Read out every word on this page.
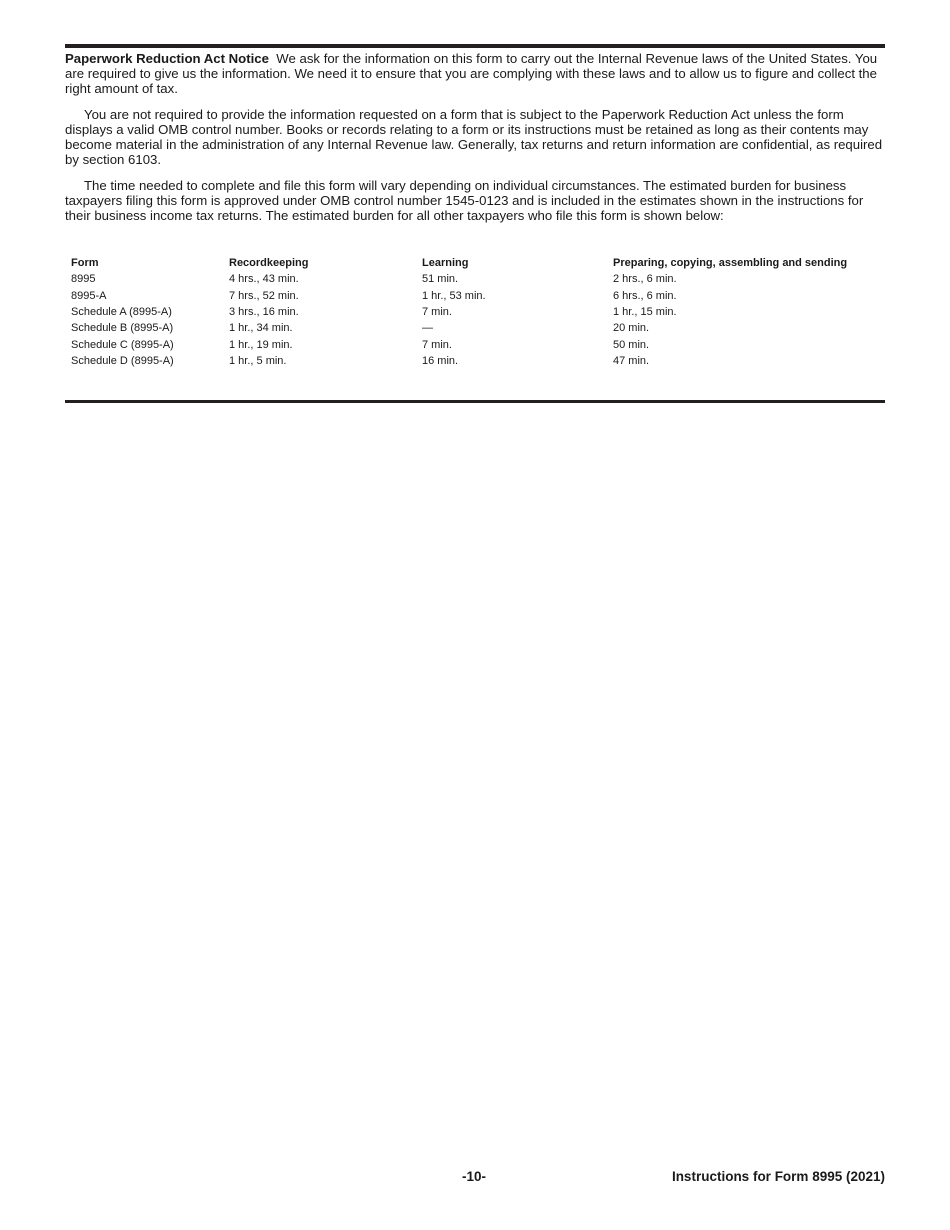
Paperwork Reduction Act Notice We ask for the information on this form to carry out the Internal Revenue laws of the United States. You are required to give us the information. We need it to ensure that you are complying with these laws and to allow us to figure and collect the right amount of tax.

You are not required to provide the information requested on a form that is subject to the Paperwork Reduction Act unless the form displays a valid OMB control number. Books or records relating to a form or its instructions must be retained as long as their contents may become material in the administration of any Internal Revenue law. Generally, tax returns and return information are confidential, as required by section 6103.

The time needed to complete and file this form will vary depending on individual circumstances. The estimated burden for business taxpayers filing this form is approved under OMB control number 1545-0123 and is included in the estimates shown in the instructions for their business income tax returns. The estimated burden for all other taxpayers who file this form is shown below:

Form	Recordkeeping	Learning	Preparing, copying, assembling and sending
8995	4 hrs., 43 min.	51 min.	2 hrs., 6 min.
8995-A	7 hrs., 52 min.	1 hr., 53 min.	6 hrs., 6 min.
Schedule A (8995-A)	3 hrs., 16 min.	7 min.	1 hr., 15 min.
Schedule B (8995-A)	1 hr., 34 min.	—	20 min.
Schedule C (8995-A)	1 hr., 19 min.	7 min.	50 min.
Schedule D (8995-A)	1 hr., 5 min.	16 min.	47 min.
-10-	Instructions for Form 8995 (2021)
